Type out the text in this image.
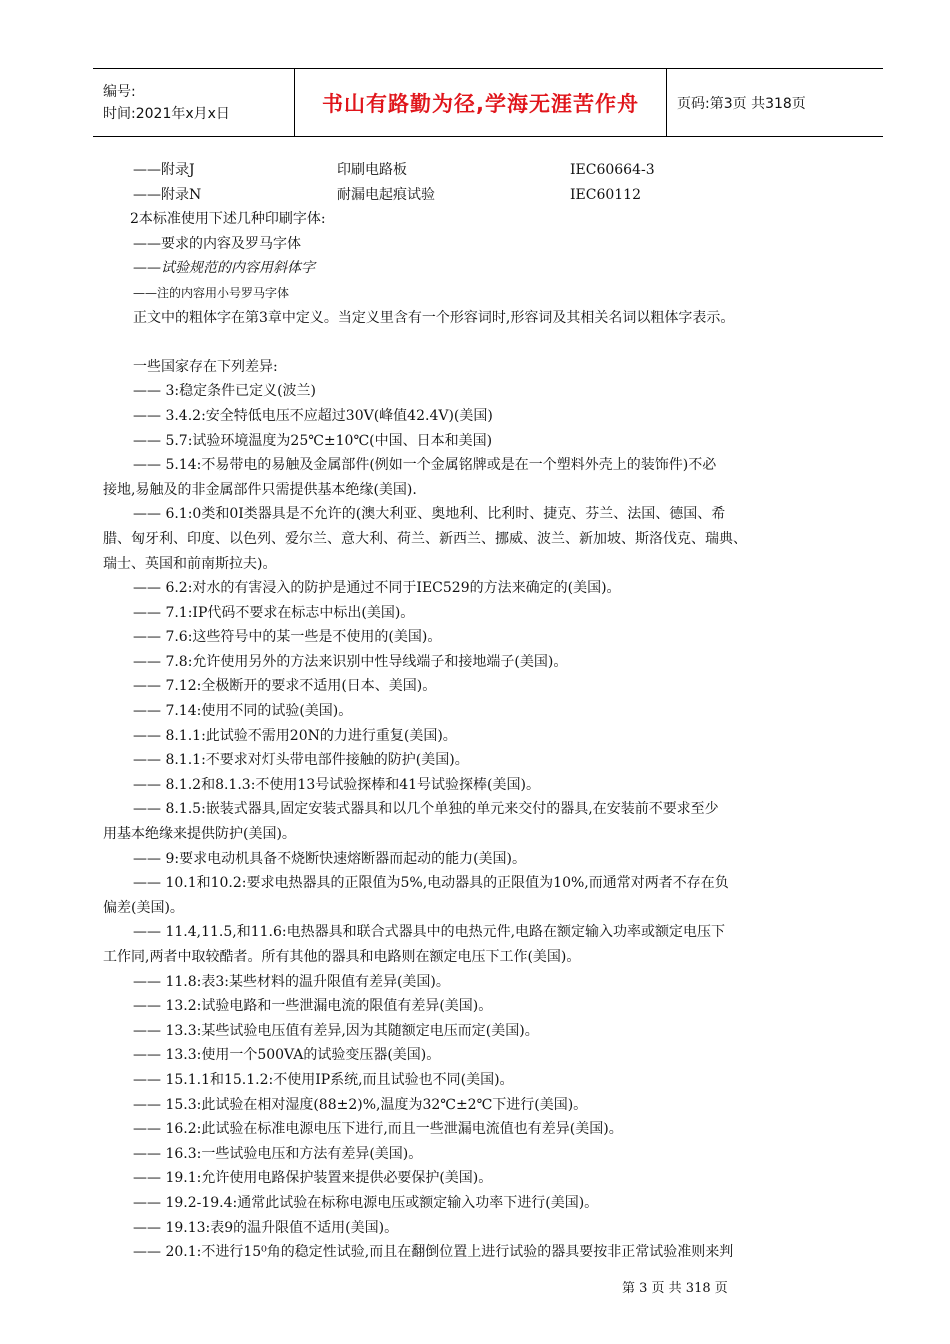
编号:
时间:2021年x月x日	书山有路勤为径,学海无涯苦作舟	页码:第3页 共318页
——附录J	印刷电路板	IEC60664-3
——附录N	耐漏电起痕试验	IEC60112
2本标准使用下述几种印刷字体:
——要求的内容及罗马字体
——试验规范的内容用斜体字
——注的内容用小号罗马字体
正文中的粗体字在第3章中定义。当定义里含有一个形容词时,形容词及其相关名词以粗体字表示。
一些国家存在下列差异:
—— 3:稳定条件已定义(波兰)
—— 3.4.2:安全特低电压不应超过30V(峰值42.4V)(美国)
—— 5.7:试验环境温度为25℃±10℃(中国、日本和美国)
—— 5.14:不易带电的易触及金属部件(例如一个金属铭牌或是在一个塑料外壳上的装饰件)不必
接地,易触及的非金属部件只需提供基本绝缘(美国).
—— 6.1:0类和0I类器具是不允许的(澳大利亚、奥地利、比利时、捷克、芬兰、法国、德国、希
腊、匈牙利、印度、以色列、爱尔兰、意大利、荷兰、新西兰、挪威、波兰、新加坡、斯洛伐克、瑞典、
瑞士、英国和前南斯拉夫)。
—— 6.2:对水的有害浸入的防护是通过不同于IEC529的方法来确定的(美国)。
—— 7.1:IP代码不要求在标志中标出(美国)。
—— 7.6:这些符号中的某一些是不使用的(美国)。
—— 7.8:允许使用另外的方法来识别中性导线端子和接地端子(美国)。
—— 7.12:全极断开的要求不适用(日本、美国)。
—— 7.14:使用不同的试验(美国)。
—— 8.1.1:此试验不需用20N的力进行重复(美国)。
—— 8.1.1:不要求对灯头带电部件接触的防护(美国)。
—— 8.1.2和8.1.3:不使用13号试验探棒和41号试验探棒(美国)。
—— 8.1.5:嵌装式器具,固定安装式器具和以几个单独的单元来交付的器具,在安装前不要求至少
用基本绝缘来提供防护(美国)。
—— 9:要求电动机具备不烧断快速熔断器而起动的能力(美国)。
—— 10.1和10.2:要求电热器具的正限值为5%,电动器具的正限值为10%,而通常对两者不存在负
偏差(美国)。
—— 11.4,11.5,和11.6:电热器具和联合式器具中的电热元件,电路在额定输入功率或额定电压下
工作同,两者中取较酷者。所有其他的器具和电路则在额定电压下工作(美国)。
—— 11.8:表3:某些材料的温升限值有差异(美国)。
—— 13.2:试验电路和一些泄漏电流的限值有差异(美国)。
—— 13.3:某些试验电压值有差异,因为其随额定电压而定(美国)。
—— 13.3:使用一个500VA的试验变压器(美国)。
—— 15.1.1和15.1.2:不使用IP系统,而且试验也不同(美国)。
—— 15.3:此试验在相对湿度(88±2)%,温度为32℃±2℃下进行(美国)。
—— 16.2:此试验在标准电源电压下进行,而且一些泄漏电流值也有差异(美国)。
—— 16.3:一些试验电压和方法有差异(美国)。
—— 19.1:允许使用电路保护装置来提供必要保护(美国)。
—— 19.2-19.4:通常此试验在标称电源电压或额定输入功率下进行(美国)。
—— 19.13:表9的温升限值不适用(美国)。
—— 20.1:不进行15⁰角的稳定性试验,而且在翻倒位置上进行试验的器具要按非正常试验准则来判
第 3 页 共 318 页
